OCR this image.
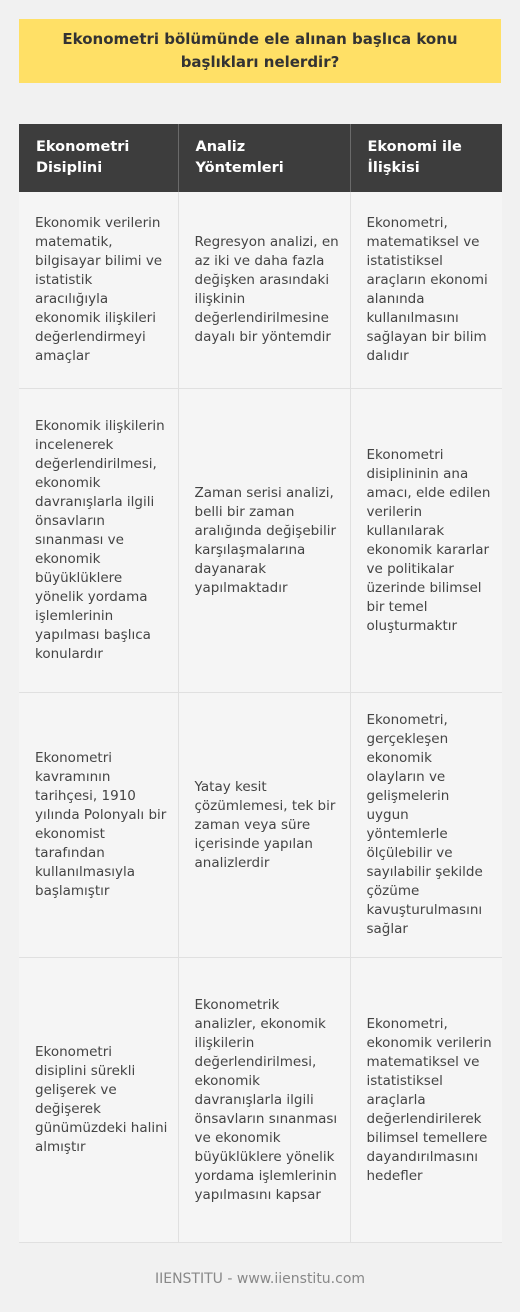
Ekonometri bölümünde ele alınan başlıca konu başlıkları nelerdir?
Ekonometri Disiplini	Analiz Yöntemleri	Ekonomi ile İlişkisi
Ekonomik verilerin matematik, bilgisayar bilimi ve istatistik aracılığıyla ekonomik ilişkileri değerlendirmeyi amaçlar	Regresyon analizi, en az iki ve daha fazla değişken arasındaki ilişkinin değerlendirilmesine dayalı bir yöntemdir	Ekonometri, matematiksel ve istatistiksel araçların ekonomi alanında kullanılmasını sağlayan bir bilim dalıdır
Ekonomik ilişkilerin incelenerek değerlendirilmesi, ekonomik davranışlarla ilgili önsavların sınanması ve ekonomik büyüklüklere yönelik yordama işlemlerinin yapılması başlıca konulardır	Zaman serisi analizi, belli bir zaman aralığında değişebilir karşılaşmalarına dayanarak yapılmaktadır	Ekonometri disiplininin ana amacı, elde edilen verilerin kullanılarak ekonomik kararlar ve politikalar üzerinde bilimsel bir temel oluşturmaktır
Ekonometri kavramının tarihçesi, 1910 yılında Polonyalı bir ekonomist tarafından kullanılmasıyla başlamıştır	Yatay kesit çözümlemesi, tek bir zaman veya süre içerisinde yapılan analizlerdir	Ekonometri, gerçekleşen ekonomik olayların ve gelişmelerin uygun yöntemlerle ölçülebilir ve sayılabilir şekilde çözüme kavuşturulmasını sağlar
Ekonometri disiplini sürekli gelişerek ve değişerek günümüzdeki halini almıştır	Ekonometrik analizler, ekonomik ilişkilerin değerlendirilmesi, ekonomik davranışlarla ilgili önsavların sınanması ve ekonomik büyüklüklere yönelik yordama işlemlerinin yapılmasını kapsar	Ekonometri, ekonomik verilerin matematiksel ve istatistiksel araçlarla değerlendirilerek bilimsel temellere dayandırılmasını hedefler
IIENSTITU - www.iienstitu.com
